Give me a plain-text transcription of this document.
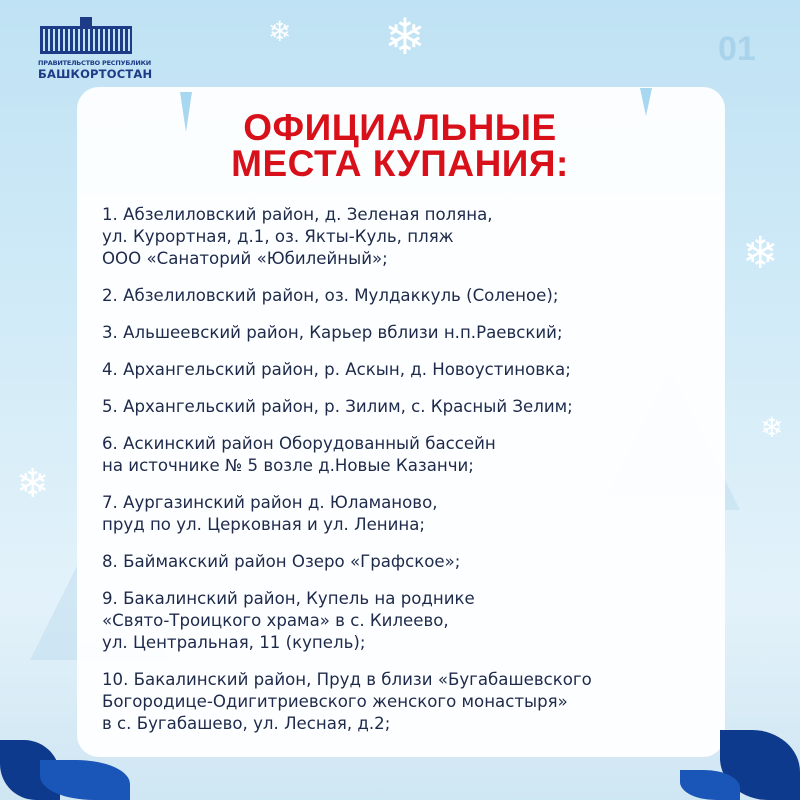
ПРАВИТЕЛЬСТВО РЕСПУБЛИКИ
БАШКОРТОСТАН
01
❄ ❄
❄
❄
❄
ОФИЦИАЛЬНЫЕ
МЕСТА КУПАНИЯ:
1. Абзелиловский район, д. Зеленая поляна,
ул. Курортная, д.1, оз. Якты-Куль, пляж
ООО «Санаторий «Юбилейный»;
2. Абзелиловский район, оз. Мулдаккуль (Соленое);
3. Альшеевский район, Карьер вблизи н.п.Раевский;
4. Архангельский район, р. Аскын, д. Новоустиновка;
5. Архангельский район, р. Зилим, с. Красный Зелим;
6. Аскинский район Оборудованный бассейн
на источнике № 5 возле д.Новые Казанчи;
7. Аургазинский район д. Юламаново,
пруд по ул. Церковная и ул. Ленина;
8. Баймакский район Озеро «Графское»;
9. Бакалинский район, Купель на роднике
«Свято-Троицкого храма» в с. Килеево,
ул. Центральная, 11 (купель);
10. Бакалинский район, Пруд в близи «Бугабашевского
Богородице-Одигитриевского женского монастыря»
в с. Бугабашево, ул. Лесная, д.2;
